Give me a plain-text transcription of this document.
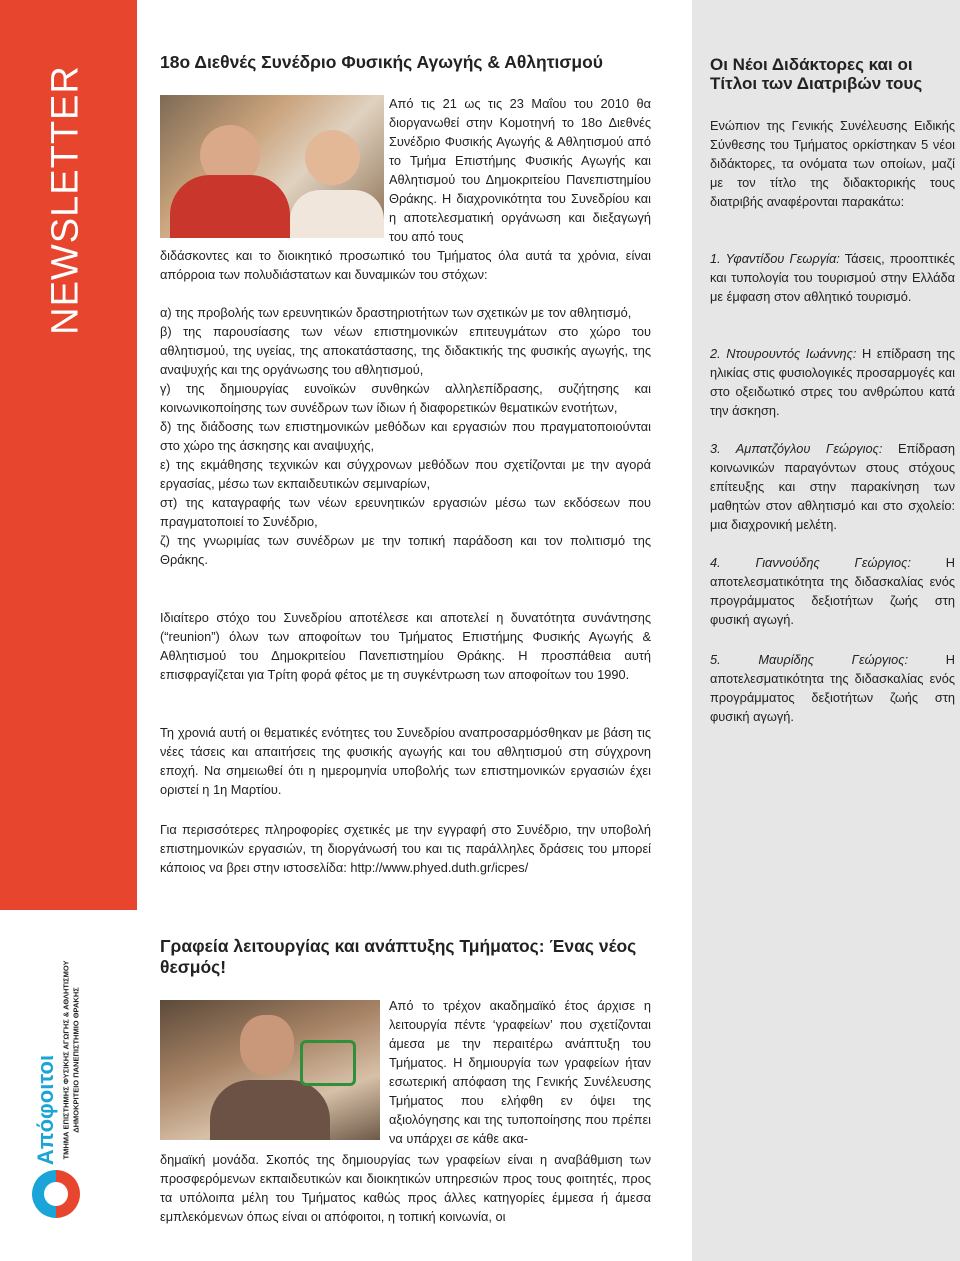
NEWSLETTER
Απόφοιτοι ΤΜΗΜΑ ΕΠΙΣΤΗΜΗΣ ΦΥΣΙΚΗΣ ΑΓΩΓΗΣ & ΑΘΛΗΤΙΣΜΟΥ ΔΗΜΟΚΡΙΤΕΙΟ ΠΑΝΕΠΙΣΤΗΜΙΟ ΘΡΑΚΗΣ
18ο Διεθνές Συνέδριο Φυσικής Αγωγής & Αθλητισμού

Από τις 21 ως τις 23 Μαΐου του 2010 θα διοργανωθεί στην Κομοτηνή το 18ο Διεθνές Συνέδριο Φυσικής Αγωγής & Αθλητισμού από το Τμήμα Επιστήμης Φυσικής Αγωγής και Αθλητισμού του Δημοκριτείου Πανεπιστημίου Θράκης. Η διαχρονικότητα του Συνεδρίου και η αποτελεσματική οργάνωση και διεξαγωγή του από τους

διδάσκοντες και το διοικητικό προσωπικό του Τμήματος όλα αυτά τα χρόνια, είναι απόρροια των πολυδιάστατων και δυναμικών του στόχων:

α) της προβολής των ερευνητικών δραστηριοτήτων των σχετικών με τον αθλητισμό,
β) της παρουσίασης των νέων επιστημονικών επιτευγμάτων στο χώρο του αθλητισμού, της υγείας, της αποκατάστασης, της διδακτικής της φυσικής αγωγής, της αναψυχής και της οργάνωσης του αθλητισμού,
γ) της δημιουργίας ευνοϊκών συνθηκών αλληλεπίδρασης, συζήτησης και κοινωνικοποίησης των συνέδρων των ίδιων ή διαφορετικών θεματικών ενοτήτων,
δ) της διάδοσης των επιστημονικών μεθόδων και εργασιών που πραγματοποιούνται στο χώρο της άσκησης και αναψυχής,
ε) της εκμάθησης τεχνικών και σύγχρονων μεθόδων που σχετίζονται με την αγορά εργασίας, μέσω των εκπαιδευτικών σεμιναρίων,
στ) της καταγραφής των νέων ερευνητικών εργασιών μέσω των εκδόσεων που πραγματοποιεί το Συνέδριο,
ζ) της γνωριμίας των συνέδρων με την τοπική παράδοση και τον πολιτισμό της Θράκης.

Ιδιαίτερο στόχο του Συνεδρίου αποτέλεσε και αποτελεί η δυνατότητα συνάντησης (“reunion”) όλων των αποφοίτων του Τμήματος Επιστήμης Φυσικής Αγωγής & Αθλητισμού του Δημοκριτείου Πανεπιστημίου Θράκης. Η προσπάθεια αυτή επισφραγίζεται για Τρίτη φορά φέτος με τη συγκέντρωση των αποφοίτων του 1990.

Τη χρονιά αυτή οι θεματικές ενότητες του Συνεδρίου αναπροσαρμόσθηκαν με βάση τις νέες τάσεις και απαιτήσεις της φυσικής αγωγής και του αθλητισμού στη σύγχρονη εποχή. Να σημειωθεί ότι η ημερομηνία υποβολής των επιστημονικών εργασιών έχει οριστεί η 1η Μαρτίου.

Για περισσότερες πληροφορίες σχετικές με την εγγραφή στο Συνέδριο, την υποβολή επιστημονικών εργασιών, τη διοργάνωσή του και τις παράλληλες δράσεις του μπορεί κάποιος να βρει στην ιστοσελίδα: http://www.phyed.duth.gr/icpes/

Γραφεία λειτουργίας και ανάπτυξης Τμήματος: Ένας νέος θεσμός!

Από το τρέχον ακαδημαϊκό έτος άρχισε η λειτουργία πέντε ‘γραφείων’ που σχετίζονται άμεσα με την περαιτέρω ανάπτυξη του Τμήματος. Η δημιουργία των γραφείων ήταν εσωτερική απόφαση της Γενικής Συνέλευσης Τμήματος που ελήφθη εν όψει της αξιολόγησης και της τυποποίησης που πρέπει να υπάρχει σε κάθε ακα-

δημαϊκή μονάδα. Σκοπός της δημιουργίας των γραφείων είναι η αναβάθμιση των προσφερόμενων εκπαιδευτικών και διοικητικών υπηρεσιών προς τους φοιτητές, προς τα υπόλοιπα μέλη του Τμήματος καθώς προς άλλες κατηγορίες έμμεσα ή άμεσα εμπλεκόμενων όπως είναι οι απόφοιτοι, η τοπική κοινωνία, οι

Οι Νέοι Διδάκτορες και οι Τίτλοι των Διατριβών τους

Ενώπιον της Γενικής Συνέλευσης Ειδικής Σύνθεσης του Τμήματος ορκίστηκαν 5 νέοι διδάκτορες, τα ονόματα των οποίων, μαζί με τον τίτλο της διδακτορικής τους διατριβής αναφέρονται παρακάτω:

1. Υφαντίδου Γεωργία: Τάσεις, προοπτικές και τυπολογία του τουρισμού στην Ελλάδα με έμφαση στον αθλητικό τουρισμό.

2. Ντουρουντός Ιωάννης: Η επίδραση της ηλικίας στις φυσιολογικές προσαρμογές και στο οξειδωτικό στρες του ανθρώπου κατά την άσκηση.

3. Αμπατζόγλου Γεώργιος: Επίδραση κοινωνικών παραγόντων στους στόχους επίτευξης και στην παρακίνηση των μαθητών στον αθλητισμό και στο σχολείο: μια διαχρονική μελέτη.

4. Γιαννούδης Γεώργιος:	Η αποτελεσματικότητα της διδασκαλίας ενός προγράμματος δεξιοτήτων ζωής στη φυσική αγωγή.

5. Μαυρίδης Γεώργιος:	Η αποτελεσματικότητα της διδασκαλίας ενός προγράμματος δεξιοτήτων ζωής στη φυσική αγωγή.
